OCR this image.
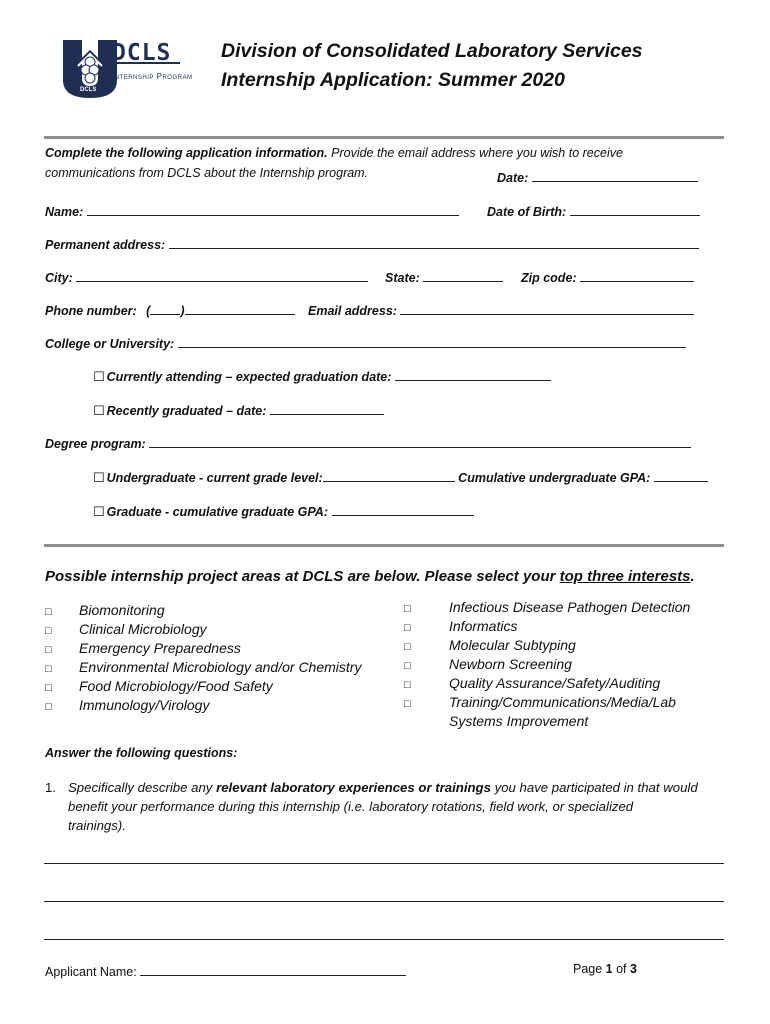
DCLS
Internship Program
DCLS
Division of Consolidated Laboratory Services
Internship Application: Summer 2020
Complete the following application information. Provide the email address where you wish to receive
communications from DCLS about the Internship program.	Date:
Name:	Date of Birth:
Permanent address:
City:	State:	Zip code:
Phone number: ( )	Email address:
College or University:
☐ Currently attending – expected graduation date:
☐ Recently graduated – date:
Degree program:
☐ Undergraduate - current grade level:	Cumulative undergraduate GPA:
☐ Graduate - cumulative graduate GPA:
Possible internship project areas at DCLS are below. Please select your top three interests.
□ Biomonitoring
□ Clinical Microbiology
□ Emergency Preparedness
□ Environmental Microbiology and/or Chemistry
□ Food Microbiology/Food Safety
□ Immunology/Virology
□	Infectious Disease Pathogen Detection
□	Informatics
□	Molecular Subtyping
□	Newborn Screening
□	Quality Assurance/Safety/Auditing
□	Training/Communications/Media/Lab
Systems Improvement
Answer the following questions:
1. Specifically describe any relevant laboratory experiences or trainings you have participated in that would
benefit your performance during this internship (i.e. laboratory rotations, field work, or specialized
trainings).
Applicant Name:	Page 1 of 3
